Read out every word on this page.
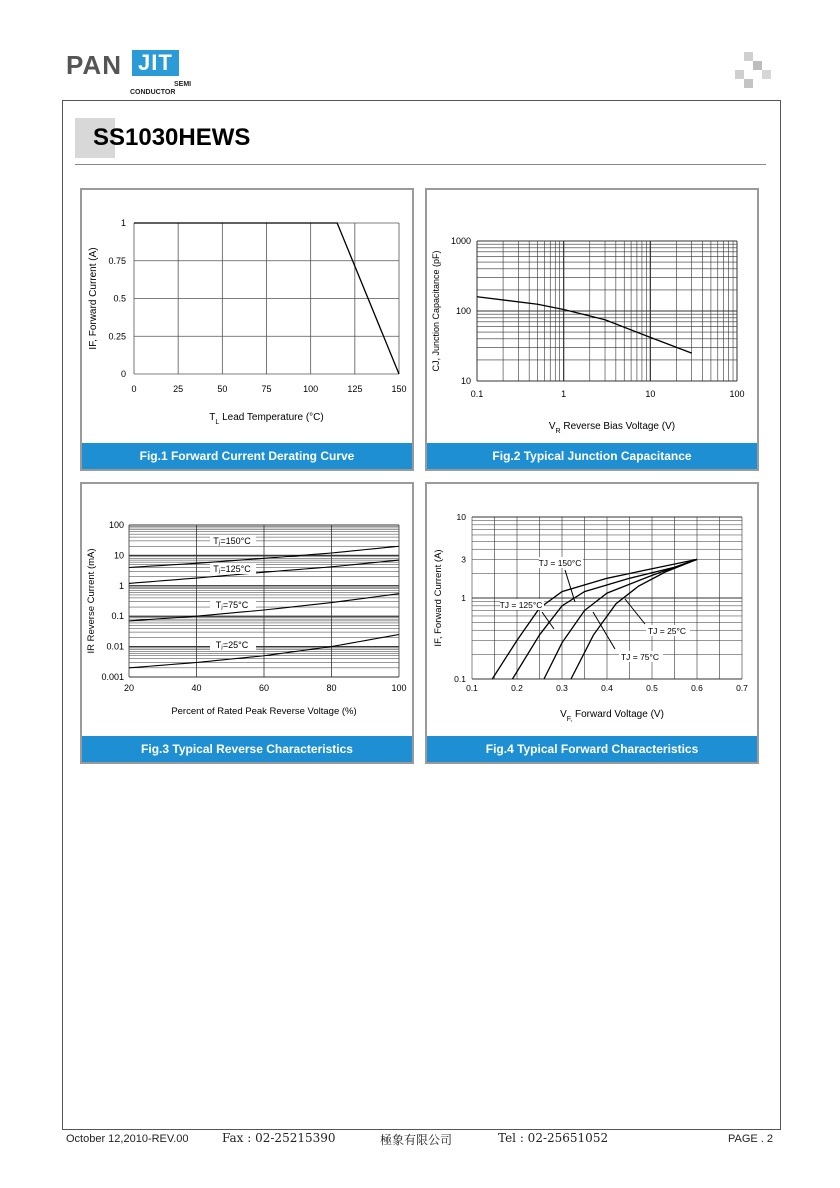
PAN JIT
SEMI
CONDUCTOR
SS1030HEWS
0	25	50	75	100	125	150
0
0.25
0.5
0.75
1
IF, Forward Current (A)
$T_L$ Lead Temperature (°C)
Fig.1 Forward Current Derating Curve
0.1	1	10	100
10
100
1000
CJ, Junction Capacitance (pF)
$V_R$ Reverse Bias Voltage (V)
Fig.2 Typical Junction Capacitance
20	40	60	80	100
0.001
0.01
0.1
1
10
100
Tⱼ=150°C
Tⱼ=125°C
Tⱼ=75°C
Tⱼ=25°C
IR Reverse Current (mA)
Percent of Rated Peak Reverse Voltage (%)
Fig.3 Typical Reverse Characteristics
0.1	0.2	0.3	0.4	0.5	0.6	0.7
0.1
1
3
10
TJ = 150°C
TJ = 125°C
TJ = 25°C
TJ = 75°C
IF, Forward Current (A)
$V_{F,}$ Forward Voltage (V)
Fig.4 Typical Forward Characteristics
October 12,2010-REV.00	Fax : 02-25215390	極象有限公司	Tel : 02-25651052	PAGE . 2
